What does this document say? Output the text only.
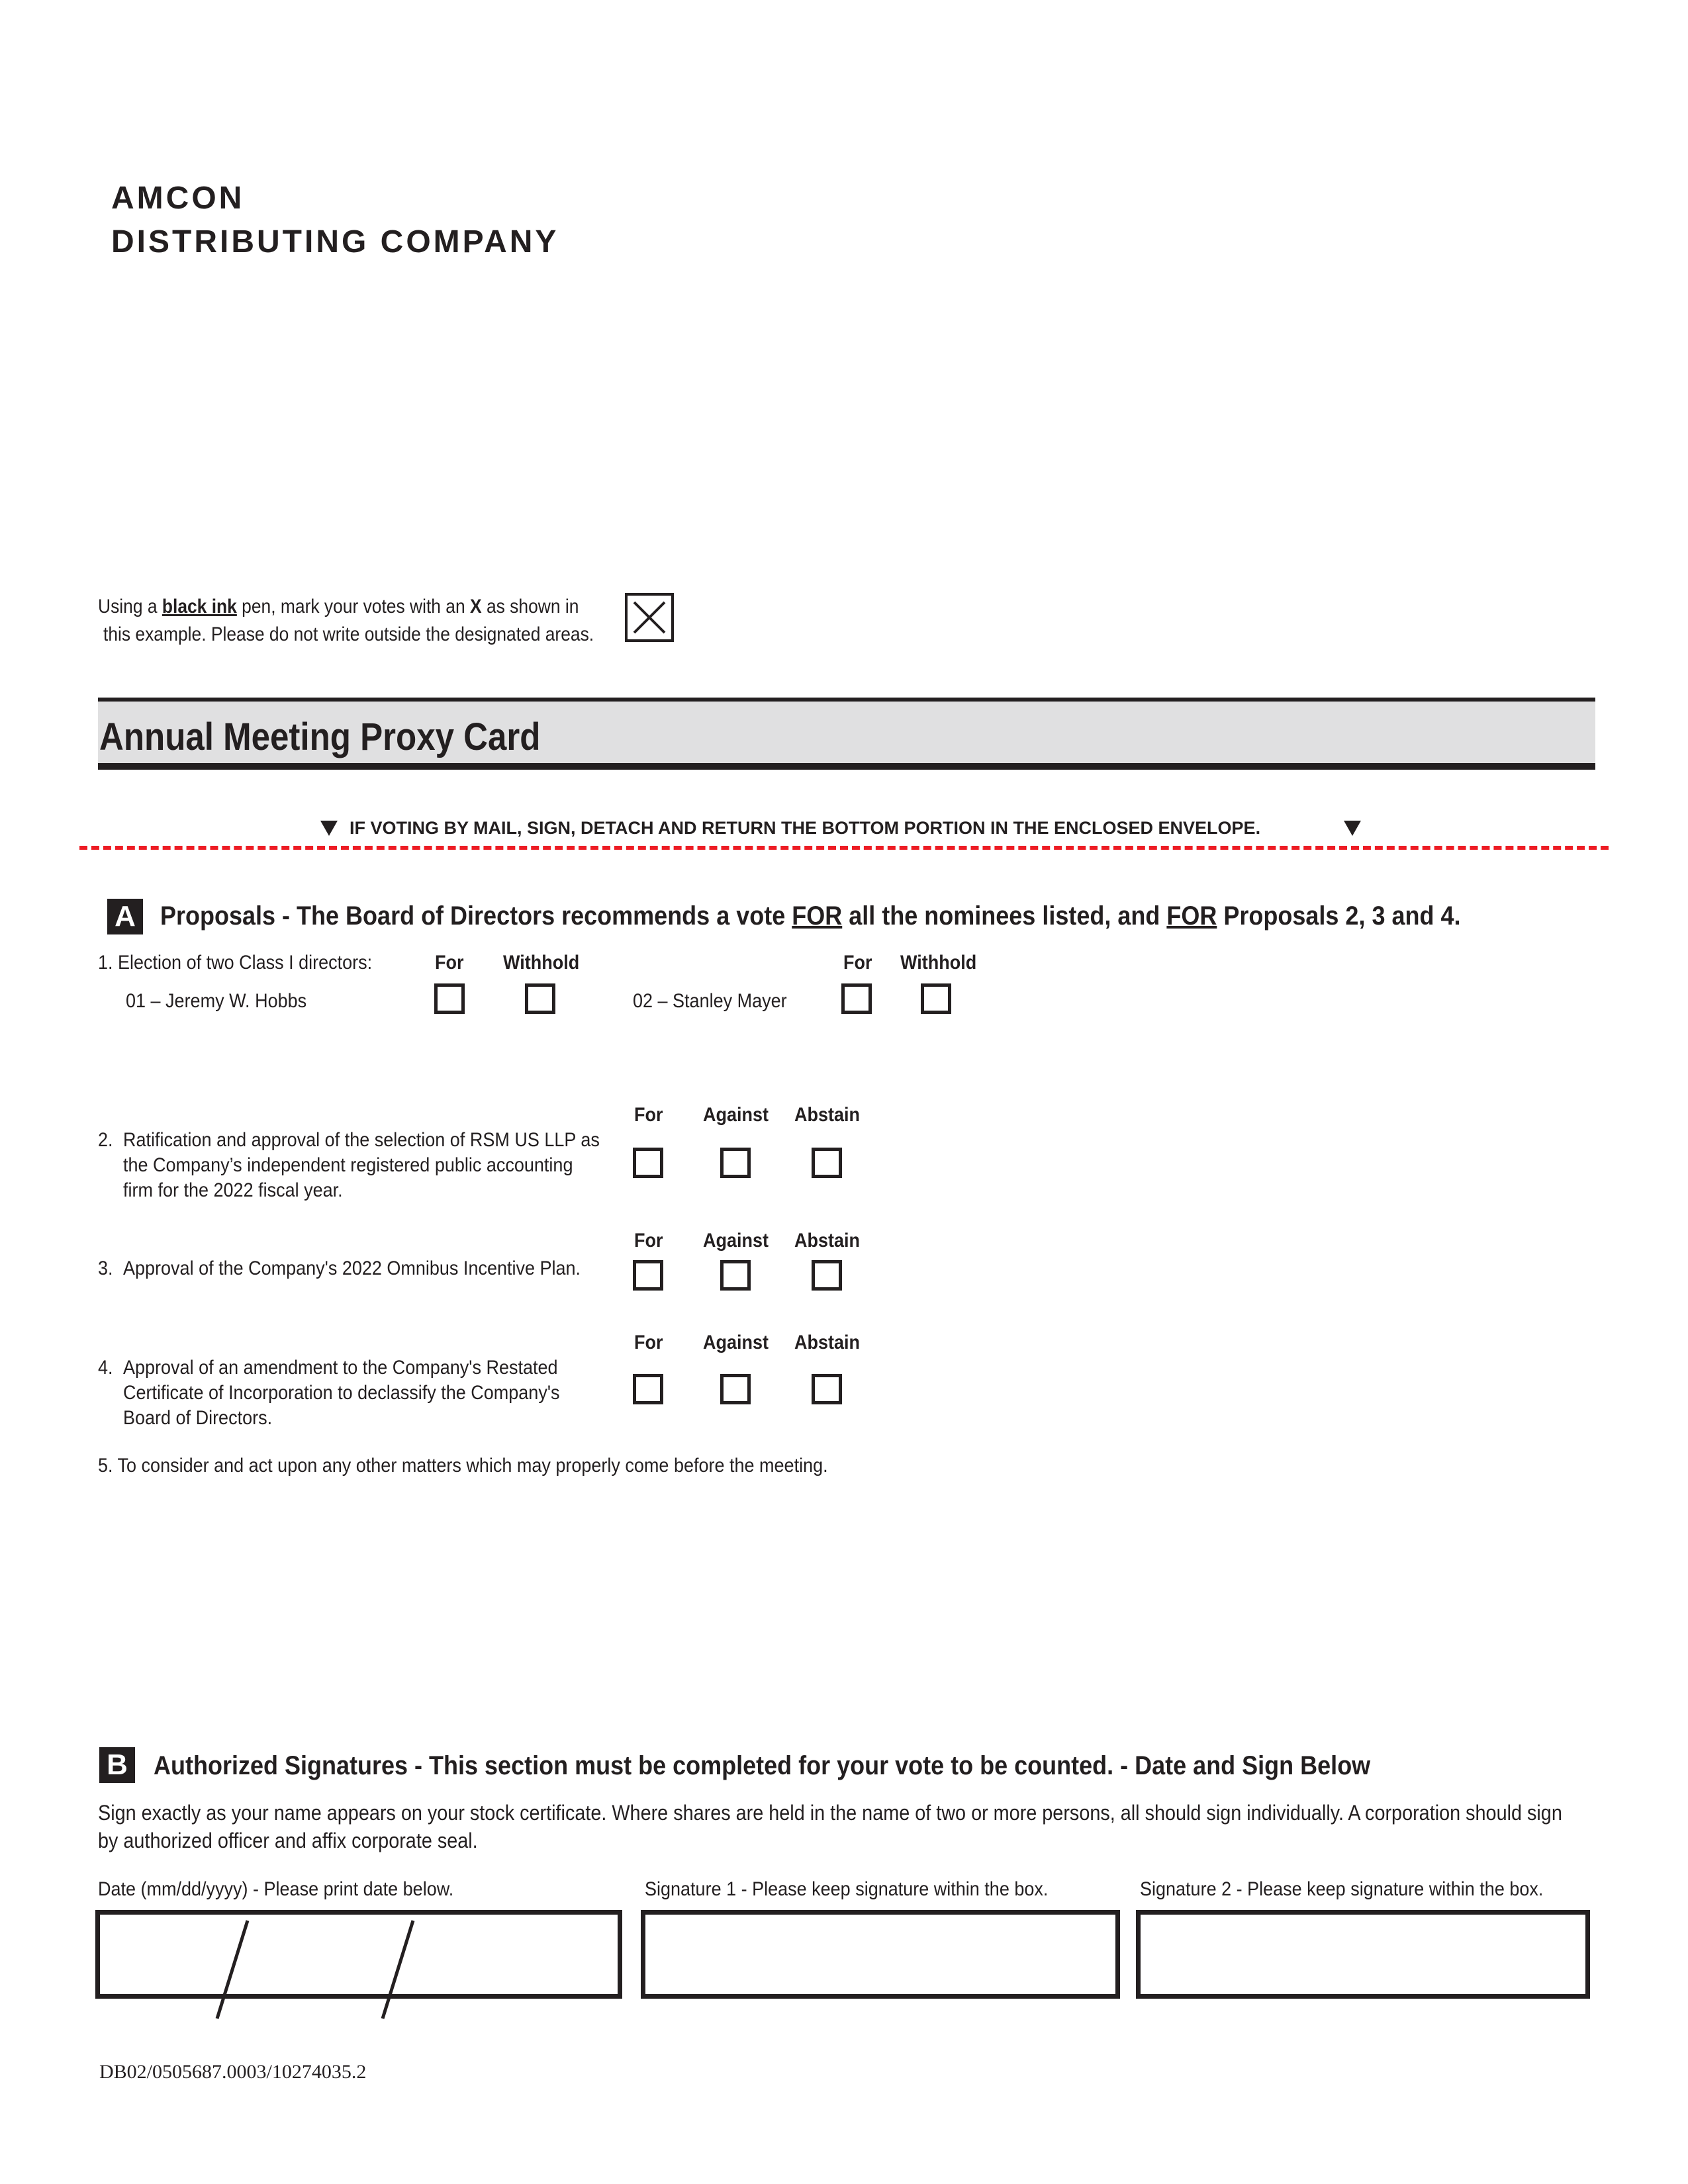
AMCON
DISTRIBUTING COMPANY
Using a black ink pen, mark your votes with an X as shown in
this example. Please do not write outside the designated areas.
Annual Meeting Proxy Card
IF VOTING BY MAIL, SIGN, DETACH AND RETURN THE BOTTOM PORTION IN THE ENCLOSED ENVELOPE.
A Proposals - The Board of Directors recommends a vote FOR all the nominees listed, and FOR Proposals 2, 3 and 4.
1. Election of two Class I directors:	For Withhold	For Withhold
01 – Jeremy W. Hobbs	02 – Stanley Mayer
For Against Abstain
2. Ratification and approval of the selection of RSM US LLP as
the Company’s independent registered public accounting
firm for the 2022 fiscal year.
For Against Abstain
3. Approval of the Company's 2022 Omnibus Incentive Plan.
For Against Abstain
4. Approval of an amendment to the Company's Restated
Certificate of Incorporation to declassify the Company's
Board of Directors.
5. To consider and act upon any other matters which may properly come before the meeting.
B Authorized Signatures - This section must be completed for your vote to be counted. - Date and Sign Below
Sign exactly as your name appears on your stock certificate. Where shares are held in the name of two or more persons, all should sign individually. A corporation should sign
by authorized officer and affix corporate seal.
Date (mm/dd/yyyy) - Please print date below.	Signature 1 - Please keep signature within the box.	Signature 2 - Please keep signature within the box.
DB02/0505687.0003/10274035.2
